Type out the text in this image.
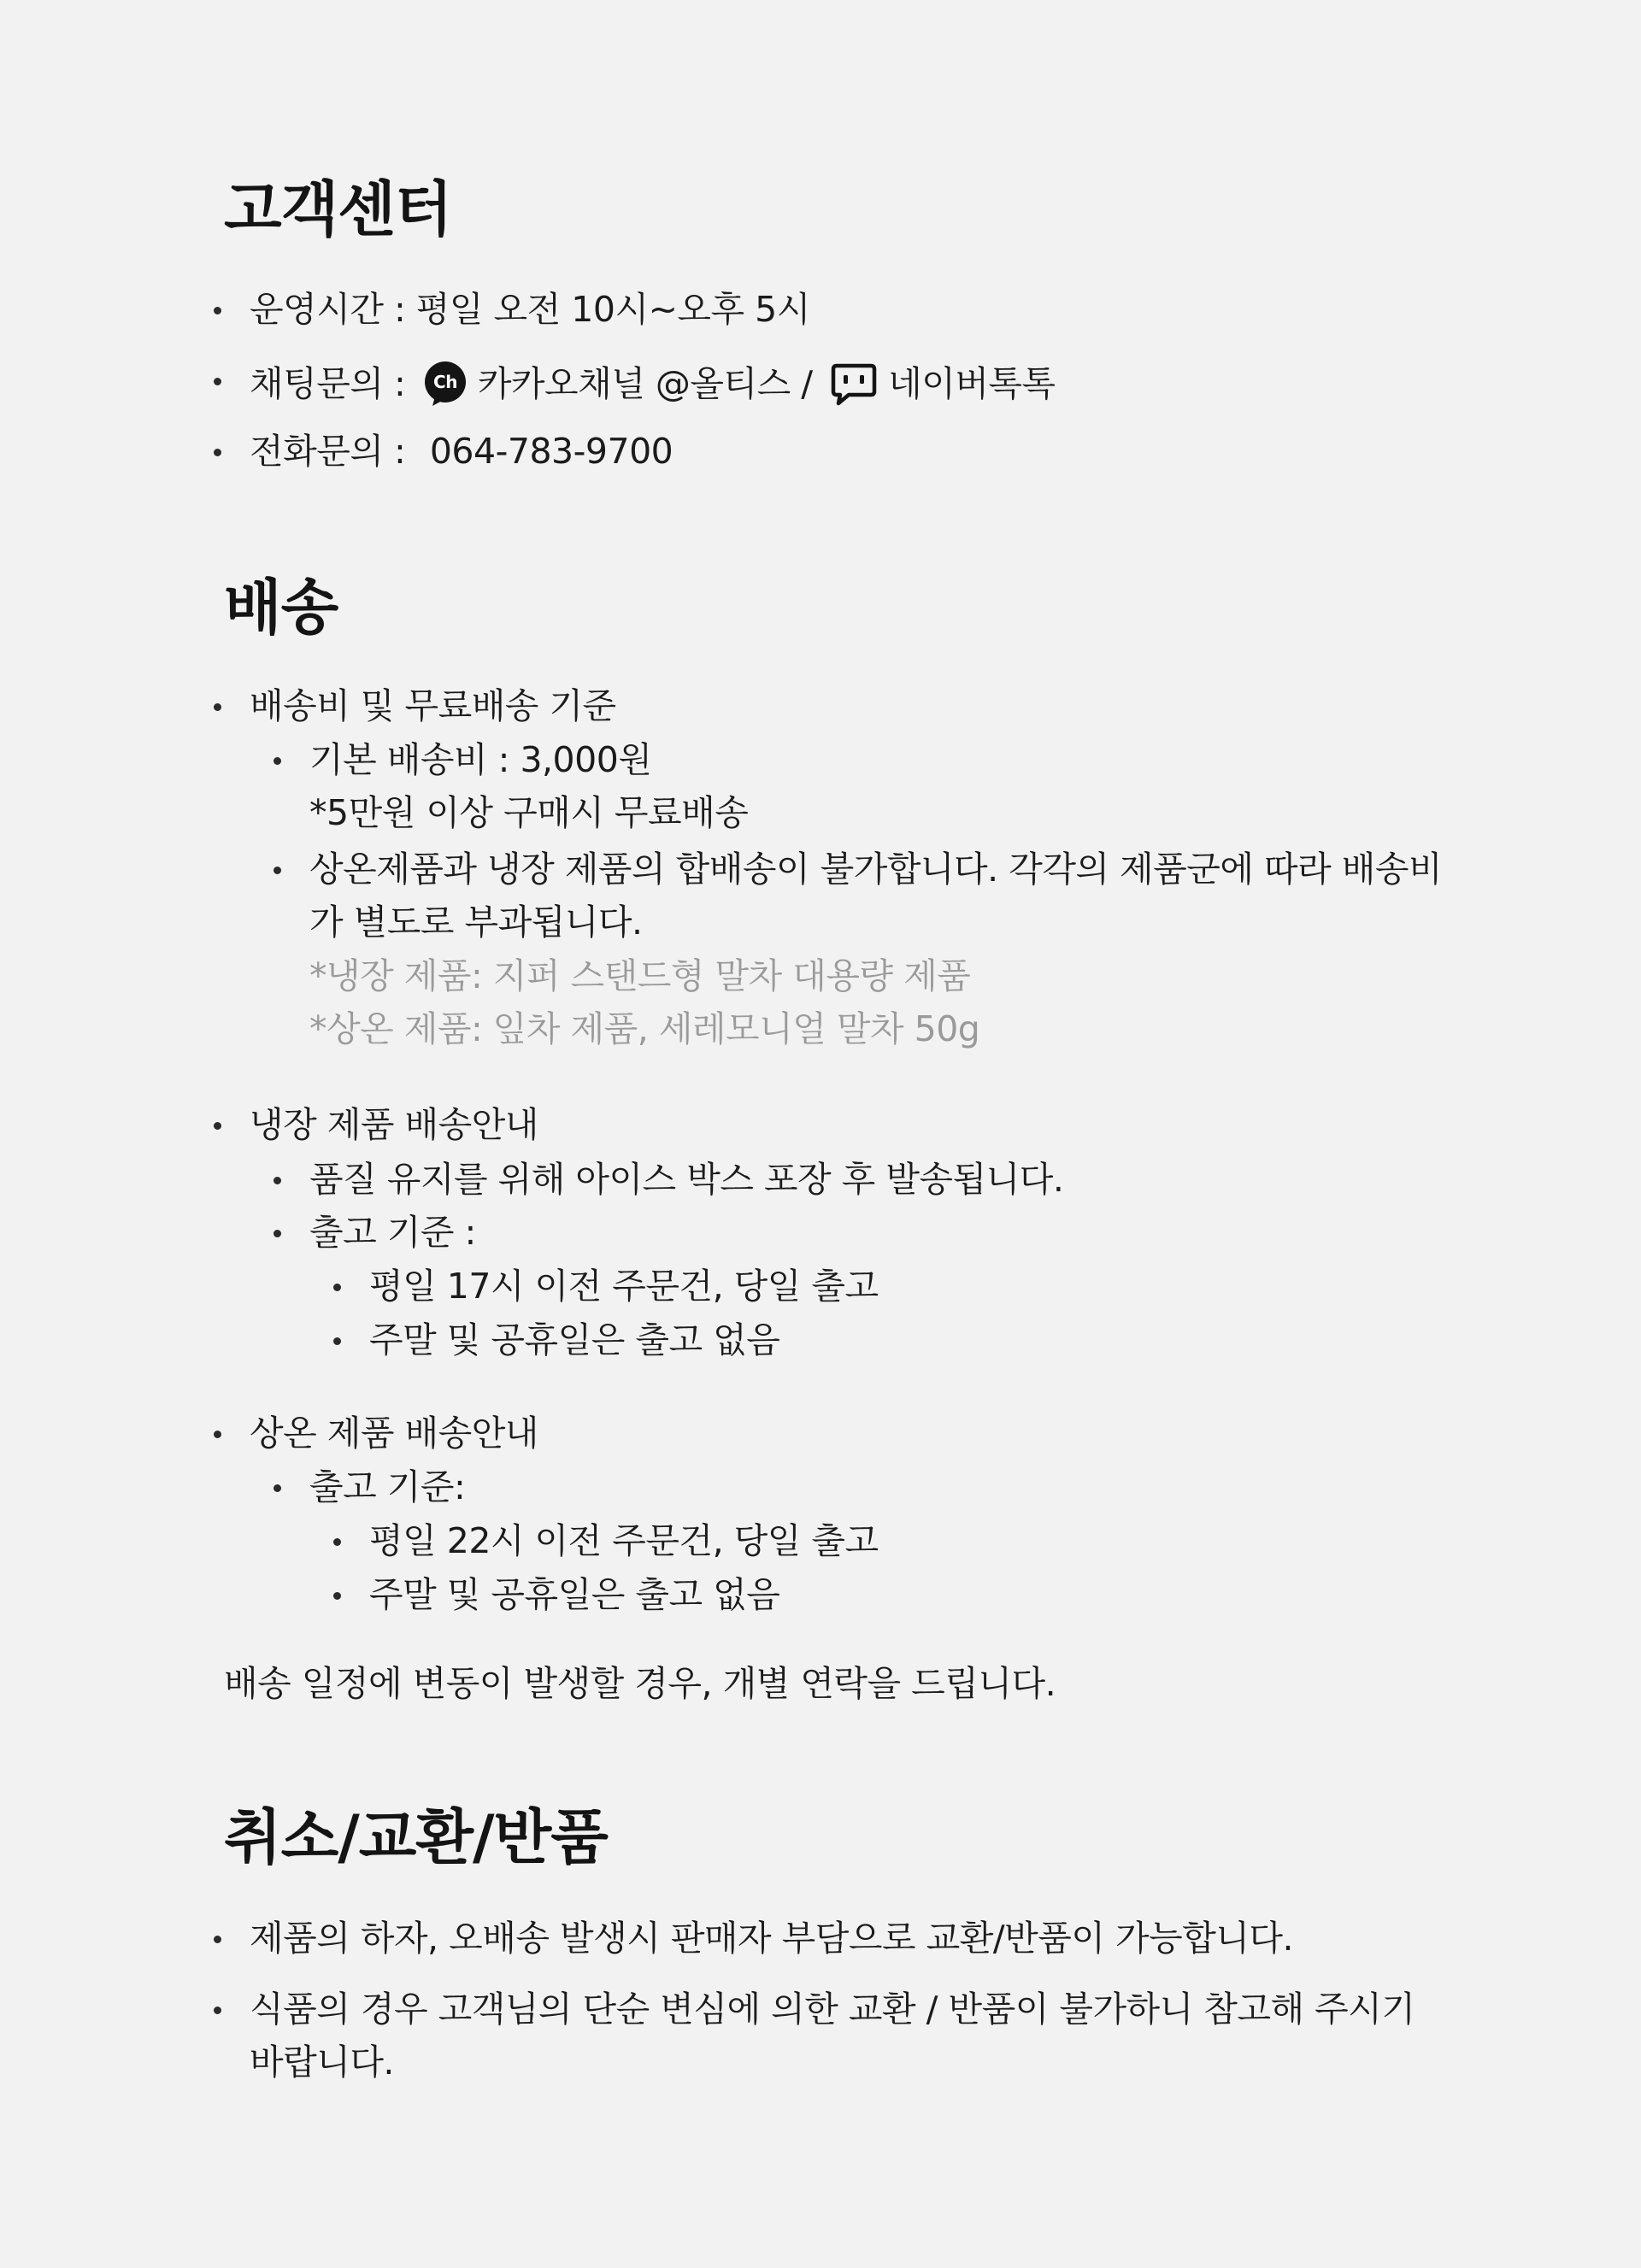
고객센터
운영시간 : 평일 오전 10시~오후 5시
채팅문의 : Ch 카카오채널 @올티스 / 네이버톡톡
전화문의 : 064-783-9700
배송
배송비 및 무료배송 기준
기본 배송비 : 3,000원
*5만원 이상 구매시 무료배송
상온제품과 냉장 제품의 합배송이 불가합니다. 각각의 제품군에 따라 배송비
가 별도로 부과됩니다.
*냉장 제품: 지퍼 스탠드형 말차 대용량 제품
*상온 제품: 잎차 제품, 세레모니얼 말차 50g
냉장 제품 배송안내
품질 유지를 위해 아이스 박스 포장 후 발송됩니다.
출고 기준 :
평일 17시 이전 주문건, 당일 출고
주말 및 공휴일은 출고 없음
상온 제품 배송안내
출고 기준:
평일 22시 이전 주문건, 당일 출고
주말 및 공휴일은 출고 없음
배송 일정에 변동이 발생할 경우, 개별 연락을 드립니다.
취소/교환/반품
제품의 하자, 오배송 발생시 판매자 부담으로 교환/반품이 가능합니다.
식품의 경우 고객님의 단순 변심에 의한 교환 / 반품이 불가하니 참고해 주시기
바랍니다.
